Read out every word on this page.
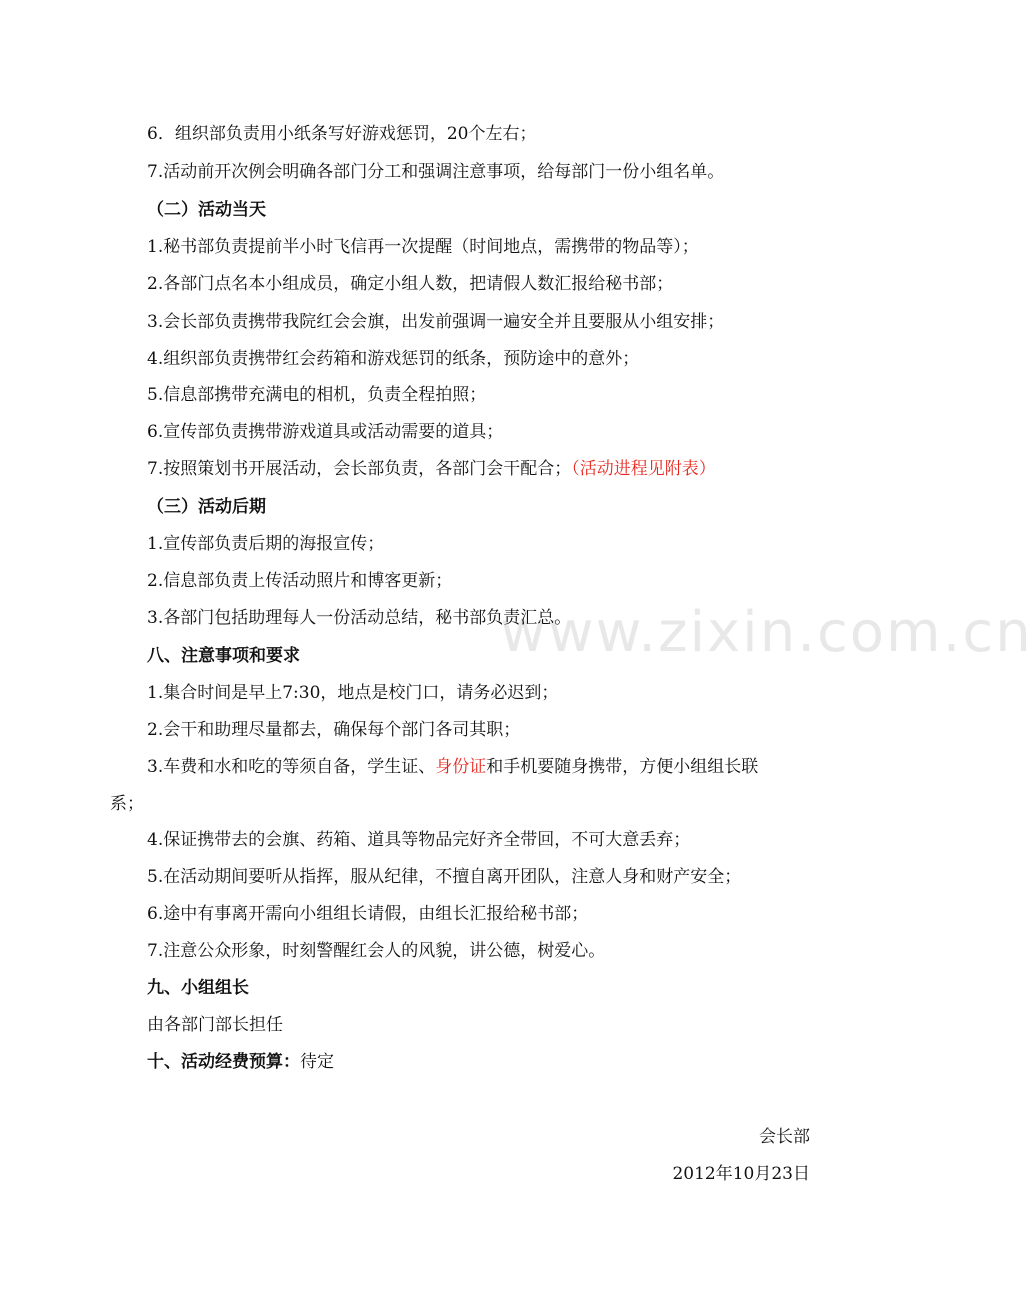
www.zixin.com.cn
6．组织部负责用小纸条写好游戏惩罚，20个左右；
7.活动前开次例会明确各部门分工和强调注意事项，给每部门一份小组名单。
（二）活动当天
1.秘书部负责提前半小时飞信再一次提醒（时间地点，需携带的物品等）；
2.各部门点名本小组成员，确定小组人数，把请假人数汇报给秘书部；
3.会长部负责携带我院红会会旗，出发前强调一遍安全并且要服从小组安排；
4.组织部负责携带红会药箱和游戏惩罚的纸条，预防途中的意外；
5.信息部携带充满电的相机，负责全程拍照；
6.宣传部负责携带游戏道具或活动需要的道具；
7.按照策划书开展活动，会长部负责，各部门会干配合；（活动进程见附表）
（三）活动后期
1.宣传部负责后期的海报宣传；
2.信息部负责上传活动照片和博客更新；
3.各部门包括助理每人一份活动总结，秘书部负责汇总。
八、注意事项和要求
1.集合时间是早上7:30，地点是校门口，请务必迟到；
2.会干和助理尽量都去，确保每个部门各司其职；
3.车费和水和吃的等须自备，学生证、身份证和手机要随身携带，方便小组组长联
系；
4.保证携带去的会旗、药箱、道具等物品完好齐全带回，不可大意丢弃；
5.在活动期间要听从指挥，服从纪律，不擅自离开团队，注意人身和财产安全；
6.途中有事离开需向小组组长请假，由组长汇报给秘书部；
7.注意公众形象，时刻警醒红会人的风貌，讲公德，树爱心。
九、小组组长
由各部门部长担任
十、活动经费预算：待定
会长部
2012年10月23日
